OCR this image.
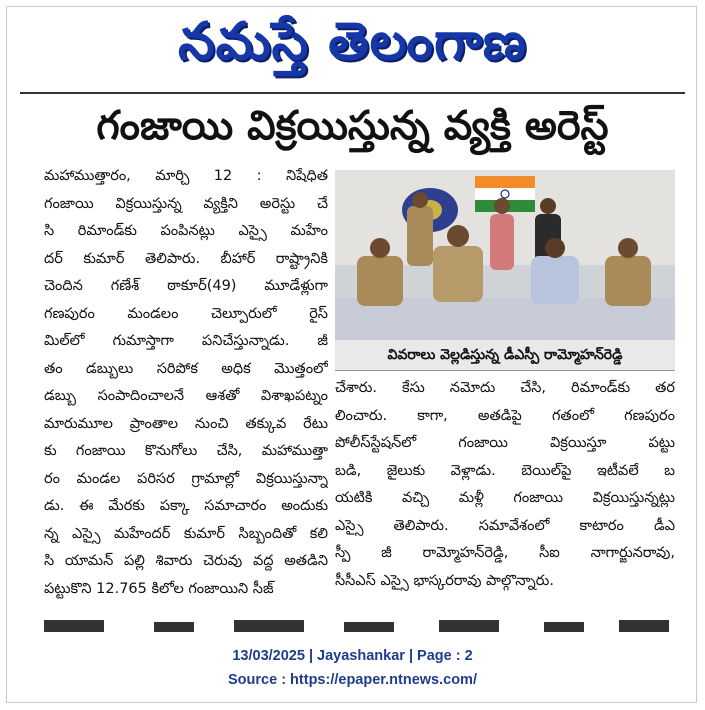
నమస్తే తెలంగాణ
గంజాయి విక్రయిస్తున్న వ్యక్తి అరెస్ట్
మహాముత్తారం, మార్చి 12 : నిషేధిత
గంజాయి విక్రయిస్తున్న వ్యక్తిని అరెస్టు చే
సి రిమాండ్‌కు పంపినట్లు ఎస్సై మహేం
దర్ కుమార్ తెలిపారు. బీహార్ రాష్ట్రానికి
చెందిన గణేశ్ ఠాకూర్(49) మూడేళ్లుగా
గణపురం మండలం చెల్పూరులో రైస్
మిల్‌లో గుమాస్తాగా పనిచేస్తున్నాడు. జీ
తం డబ్బులు సరిపోక అధిక మొత్తంలో
డబ్బు సంపాదించాలనే ఆశతో విశాఖపట్నం
మారుమూల ప్రాంతాల నుంచి తక్కువ రేటు
కు గంజాయి కొనుగోలు చేసి, మహాముత్తా
రం మండల పరిసర గ్రామాల్లో విక్రయిస్తున్నా
డు. ఈ మేరకు పక్కా సమాచారం అందుకు
న్న ఎస్సై మహేందర్ కుమార్ సిబ్బందితో కలి
సి యామన్ పల్లి శివారు చెరువు వద్ద అతడిని
పట్టుకొని 12.765 కిలోల గంజాయిని సీజ్
వివరాలు వెల్లడిస్తున్న డీఎస్పీ రామ్మోహన్‌రెడ్డి
చేశారు. కేసు నమోదు చేసి, రిమాండ్‌కు తర
లించారు. కాగా, అతడిపై గతంలో గణపురం
పోలీస్‌స్టేషన్‌లో గంజాయి విక్రయిస్తూ పట్టు
బడి, జైలుకు వెళ్లాడు. బెయిల్‌పై ఇటీవలే బ
యటికి వచ్చి మళ్లీ గంజాయి విక్రయిస్తున్నట్లు
ఎస్సై తెలిపారు. సమావేశంలో కాటారం డీఎ
స్పీ జీ రామ్మోహన్‌రెడ్డి, సీఐ నాగార్జునరావు,
సీసీఎస్ ఎస్సై భాస్కరరావు పాల్గొన్నారు.
13/03/2025 | Jayashankar | Page : 2
Source : https://epaper.ntnews.com/
